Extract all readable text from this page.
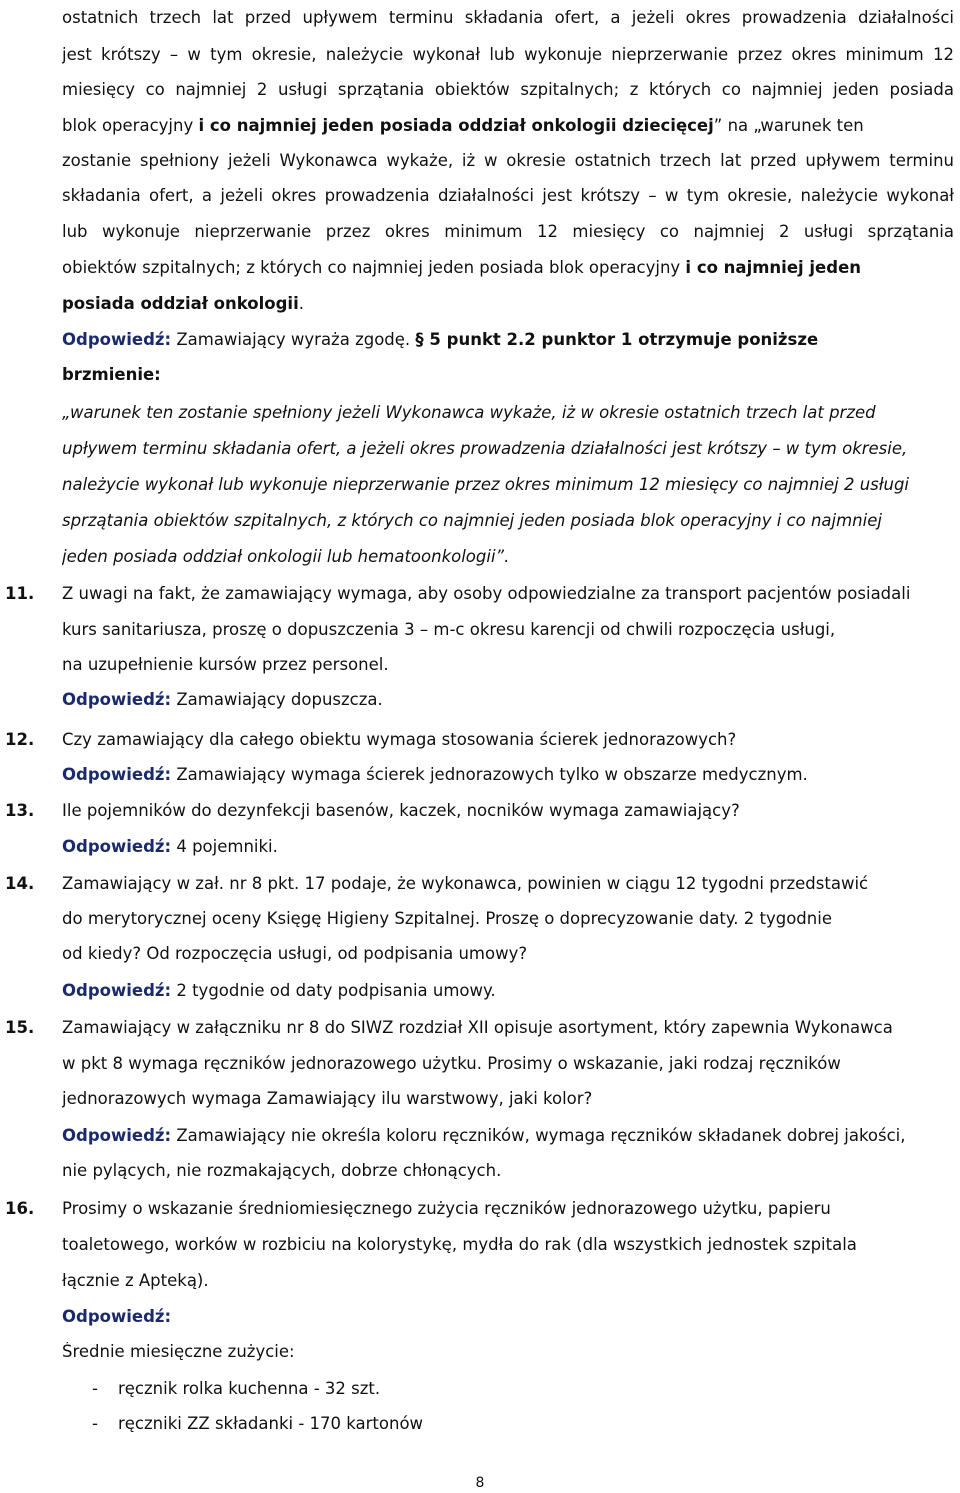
ostatnich trzech lat przed upływem terminu składania ofert, a jeżeli okres prowadzenia działalności
jest krótszy – w tym okresie, należycie wykonał lub wykonuje nieprzerwanie przez okres minimum 12
miesięcy co najmniej 2 usługi sprzątania obiektów szpitalnych; z których co najmniej jeden posiada
blok operacyjny i co najmniej jeden posiada oddział onkologii dziecięcej” na „warunek ten
zostanie spełniony jeżeli Wykonawca wykaże, iż w okresie ostatnich trzech lat przed upływem terminu
składania ofert, a jeżeli okres prowadzenia działalności jest krótszy – w tym okresie, należycie wykonał
lub wykonuje nieprzerwanie przez okres minimum 12 miesięcy co najmniej 2 usługi sprzątania
obiektów szpitalnych; z których co najmniej jeden posiada blok operacyjny i co najmniej jeden
posiada oddział onkologii.
Odpowiedź: Zamawiający wyraża zgodę. § 5 punkt 2.2 punktor 1 otrzymuje poniższe
brzmienie:
„warunek ten zostanie spełniony jeżeli Wykonawca wykaże, iż w okresie ostatnich trzech lat przed
upływem terminu składania ofert, a jeżeli okres prowadzenia działalności jest krótszy – w tym okresie,
należycie wykonał lub wykonuje nieprzerwanie przez okres minimum 12 miesięcy co najmniej 2 usługi
sprzątania obiektów szpitalnych, z których co najmniej jeden posiada blok operacyjny i co najmniej
jeden posiada oddział onkologii lub hematoonkologii”.
11. Z uwagi na fakt, że zamawiający wymaga, aby osoby odpowiedzialne za transport pacjentów posiadali
kurs sanitariusza, proszę o dopuszczenia 3 – m-c okresu karencji od chwili rozpoczęcia usługi,
na uzupełnienie kursów przez personel.
Odpowiedź: Zamawiający dopuszcza.
12. Czy zamawiający dla całego obiektu wymaga stosowania ścierek jednorazowych?
Odpowiedź: Zamawiający wymaga ścierek jednorazowych tylko w obszarze medycznym.
13. Ile pojemników do dezynfekcji basenów, kaczek, nocników wymaga zamawiający?
Odpowiedź: 4 pojemniki.
14. Zamawiający w zał. nr 8 pkt. 17 podaje, że wykonawca, powinien w ciągu 12 tygodni przedstawić
do merytorycznej oceny Księgę Higieny Szpitalnej. Proszę o doprecyzowanie daty. 2 tygodnie
od kiedy? Od rozpoczęcia usługi, od podpisania umowy?
Odpowiedź: 2 tygodnie od daty podpisania umowy.
15. Zamawiający w załączniku nr 8 do SIWZ rozdział XII opisuje asortyment, który zapewnia Wykonawca
w pkt 8 wymaga ręczników jednorazowego użytku. Prosimy o wskazanie, jaki rodzaj ręczników
jednorazowych wymaga Zamawiający ilu warstwowy, jaki kolor?
Odpowiedź: Zamawiający nie określa koloru ręczników, wymaga ręczników składanek dobrej jakości,
nie pylących, nie rozmakających, dobrze chłonących.
16. Prosimy o wskazanie średniomiesięcznego zużycia ręczników jednorazowego użytku, papieru
toaletowego, worków w rozbiciu na kolorystykę, mydła do rak (dla wszystkich jednostek szpitala
łącznie z Apteką).
Odpowiedź:
Średnie miesięczne zużycie:
- ręcznik rolka kuchenna - 32 szt.
- ręczniki ZZ składanki - 170 kartonów
8
